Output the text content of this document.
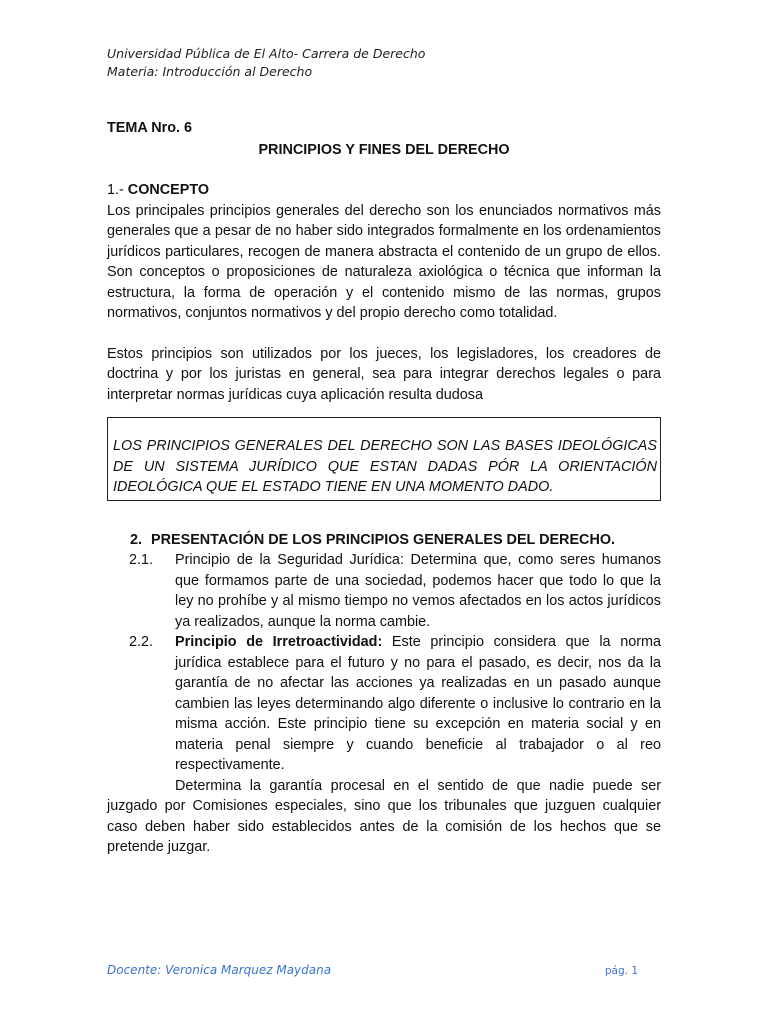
Universidad Pública de El Alto- Carrera de Derecho
Materia: Introducción al Derecho
TEMA Nro. 6
PRINCIPIOS Y FINES DEL DERECHO
1.- CONCEPTO

Los principales principios generales del derecho son los enunciados normativos más generales que a pesar de no haber sido integrados formalmente en los ordenamientos jurídicos particulares, recogen de manera abstracta el contenido de un grupo de ellos. Son conceptos o proposiciones de naturaleza axiológica o técnica que informan la estructura, la forma de operación y el contenido mismo de las normas, grupos normativos, conjuntos normativos y del propio derecho como totalidad.

Estos principios son utilizados por los jueces, los legisladores, los creadores de doctrina y por los juristas en general, sea para integrar derechos legales o para interpretar normas jurídicas cuya aplicación resulta dudosa

LOS PRINCIPIOS GENERALES DEL DERECHO SON LAS BASES IDEOLÓGICAS DE UN SISTEMA JURÍDICO QUE ESTAN DADAS PÓR LA ORIENTACIÓN IDEOLÓGICA QUE EL ESTADO TIENE EN UNA MOMENTO DADO.
2. PRESENTACIÓN DE LOS PRINCIPIOS GENERALES DEL DERECHO.
2.1.	Principio de la Seguridad Jurídica: Determina que, como seres humanos que formamos parte de una sociedad, podemos hacer que todo lo que la ley no prohíbe y al mismo tiempo no vemos afectados en los actos jurídicos ya realizados, aunque la norma cambie.
2.2.	Principio de Irretroactividad: Este principio considera que la norma jurídica establece para el futuro y no para el pasado, es decir, nos da la garantía de no afectar las acciones ya realizadas en un pasado aunque cambien las leyes determinando algo diferente o inclusive lo contrario en la misma acción. Este principio tiene su excepción en materia social y en materia penal siempre y cuando beneficie al trabajador o al reo respectivamente.

Determina la garantía procesal en el sentido de que nadie puede ser juzgado por Comisiones especiales, sino que los tribunales que juzguen cualquier caso deben haber sido establecidos antes de la comisión de los hechos que se pretende juzgar.

Docente: Veronica Marquez Maydana	pág. 1
